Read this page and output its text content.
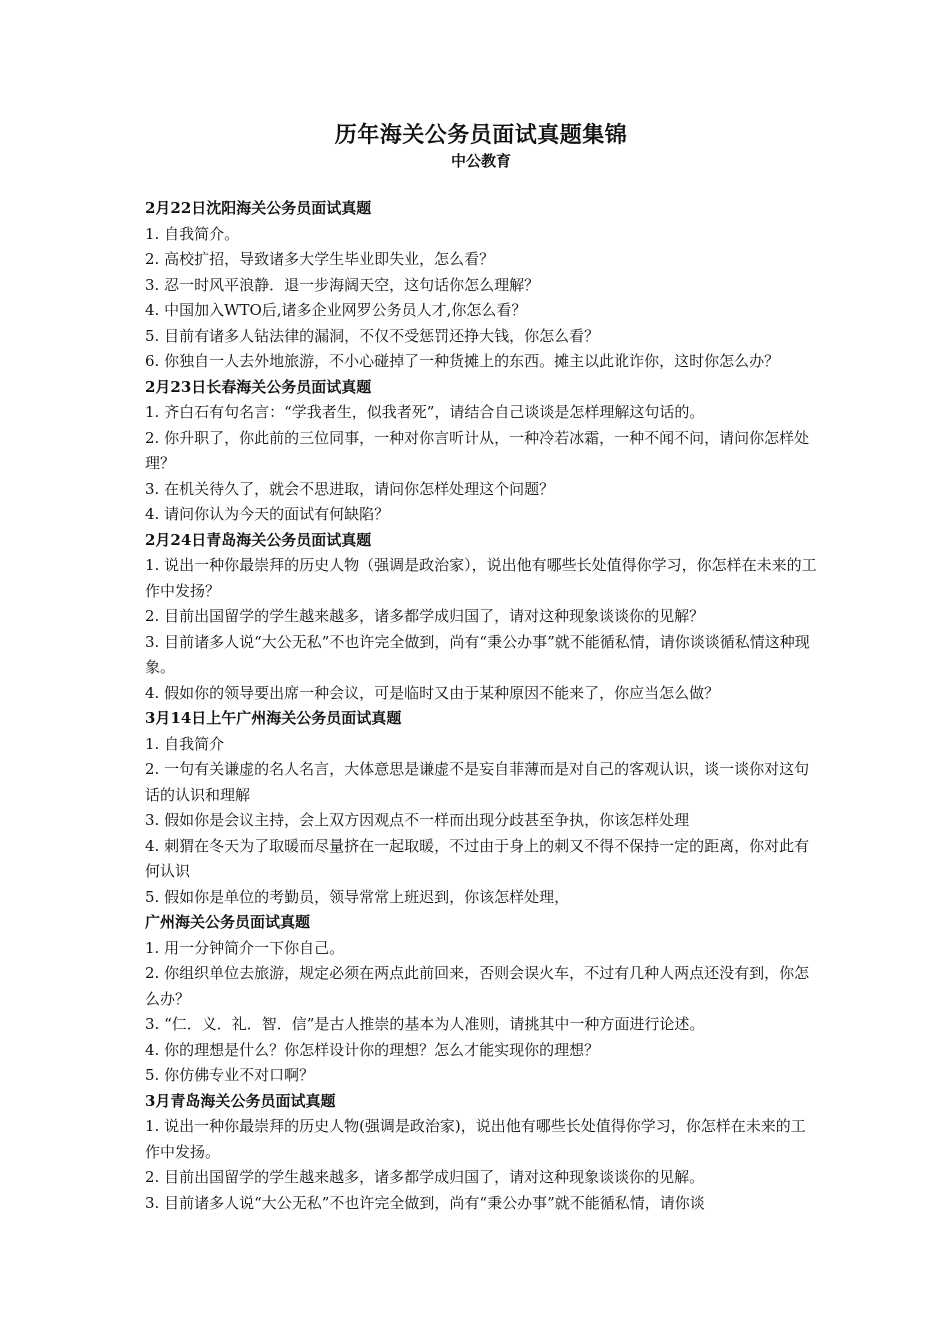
历年海关公务员面试真题集锦
中公教育
2月22日沈阳海关公务员面试真题

1. 自我简介。

2. 高校扩招，导致诸多大学生毕业即失业，怎么看？

3. 忍一时风平浪静．退一步海阔天空，这句话你怎么理解？

4. 中国加入WTO后,诸多企业网罗公务员人才,你怎么看？

5. 目前有诸多人钻法律的漏洞，不仅不受惩罚还挣大钱，你怎么看？

6. 你独自一人去外地旅游，不小心碰掉了一种货摊上的东西。摊主以此讹诈你，这时你怎么办？

2月23日长春海关公务员面试真题

1. 齐白石有句名言：“学我者生，似我者死”，请结合自己谈谈是怎样理解这句话的。

2. 你升职了，你此前的三位同事，一种对你言听计从，一种冷若冰霜，一种不闻不问，请问你怎样处理？

3. 在机关待久了，就会不思进取，请问你怎样处理这个问题？

4. 请问你认为今天的面试有何缺陷？

2月24日青岛海关公务员面试真题

1. 说出一种你最崇拜的历史人物（强调是政治家），说出他有哪些长处值得你学习，你怎样在未来的工作中发扬？

2. 目前出国留学的学生越来越多，诸多都学成归国了，请对这种现象谈谈你的见解？

3. 目前诸多人说“大公无私”不也许完全做到，尚有“秉公办事”就不能循私情，请你谈谈循私情这种现象。

4. 假如你的领导要出席一种会议，可是临时又由于某种原因不能来了，你应当怎么做？

3月14日上午广州海关公务员面试真题

1. 自我简介

2. 一句有关谦虚的名人名言，大体意思是谦虚不是妄自菲薄而是对自己的客观认识，谈一谈你对这句话的认识和理解

3. 假如你是会议主持，会上双方因观点不一样而出现分歧甚至争执，你该怎样处理

4. 刺猬在冬天为了取暖而尽量挤在一起取暖，不过由于身上的刺又不得不保持一定的距离，你对此有何认识

5. 假如你是单位的考勤员，领导常常上班迟到，你该怎样处理，

广州海关公务员面试真题

1. 用一分钟简介一下你自己。

2. 你组织单位去旅游，规定必须在两点此前回来，否则会误火车，不过有几种人两点还没有到，你怎么办？

3. “仁．义．礼．智．信”是古人推崇的基本为人准则，请挑其中一种方面进行论述。

4. 你的理想是什么？你怎样设计你的理想？怎么才能实现你的理想？

5. 你仿佛专业不对口啊？

3月青岛海关公务员面试真题

1. 说出一种你最崇拜的历史人物(强调是政治家)，说出他有哪些长处值得你学习，你怎样在未来的工作中发扬。

2. 目前出国留学的学生越来越多，诸多都学成归国了，请对这种现象谈谈你的见解。

3. 目前诸多人说“大公无私”不也许完全做到，尚有“秉公办事”就不能循私情，请你谈
